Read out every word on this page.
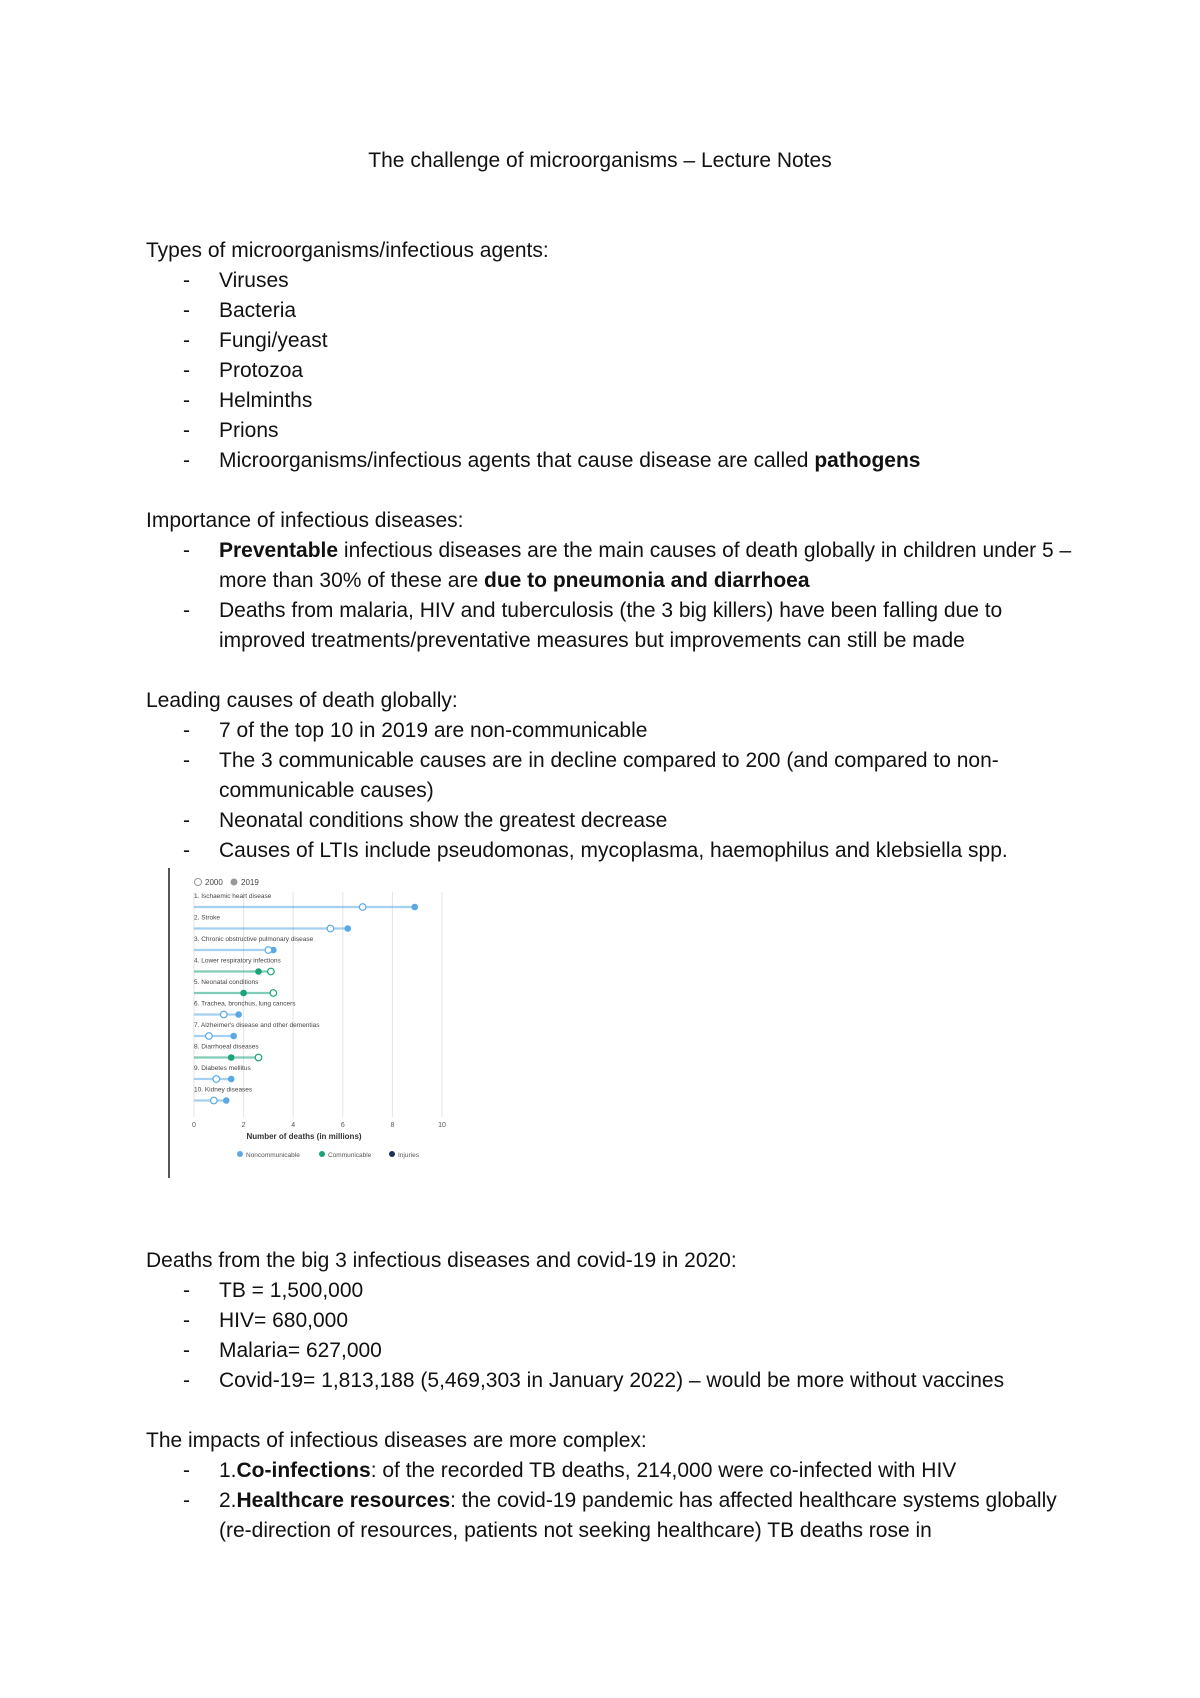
The challenge of microorganisms – Lecture Notes

Types of microorganisms/infectious agents:

- Viruses
- Bacteria
- Fungi/yeast
- Protozoa
- Helminths
- Prions
- Microorganisms/infectious agents that cause disease are called pathogens

Importance of infectious diseases:

- Preventable infectious diseases are the main causes of death globally in children under 5 – more than 30% of these are due to pneumonia and diarrhoea
- Deaths from malaria, HIV and tuberculosis (the 3 big killers) have been falling due to improved treatments/preventative measures but improvements can still be made

Leading causes of death globally:

- 7 of the top 10 in 2019 are non-communicable
- The 3 communicable causes are in decline compared to 200 (and compared to non-communicable causes)
- Neonatal conditions show the greatest decrease
- Causes of LTIs include pseudomonas, mycoplasma, haemophilus and klebsiella spp.
2000 2019
0	2	4	6	8	10
Number of deaths (in millions)
1. Ischaemic heart disease
2. Stroke
3. Chronic obstructive pulmonary disease
4. Lower respiratory infections
5. Neonatal conditions
6. Trachea, bronchus, lung cancers
7. Alzheimer's disease and other dementias
8. Diarrhoeal diseases
9. Diabetes mellitus
10. Kidney diseases
Noncommunicable	Communicable	Injuries

Deaths from the big 3 infectious diseases and covid-19 in 2020:

- TB = 1,500,000
- HIV= 680,000
- Malaria= 627,000
- Covid-19= 1,813,188 (5,469,303 in January 2022) – would be more without vaccines

The impacts of infectious diseases are more complex:

- 1.Co-infections: of the recorded TB deaths, 214,000 were co-infected with HIV
- 2.Healthcare resources: the covid-19 pandemic has affected healthcare systems globally (re-direction of resources, patients not seeking healthcare) TB deaths rose in
